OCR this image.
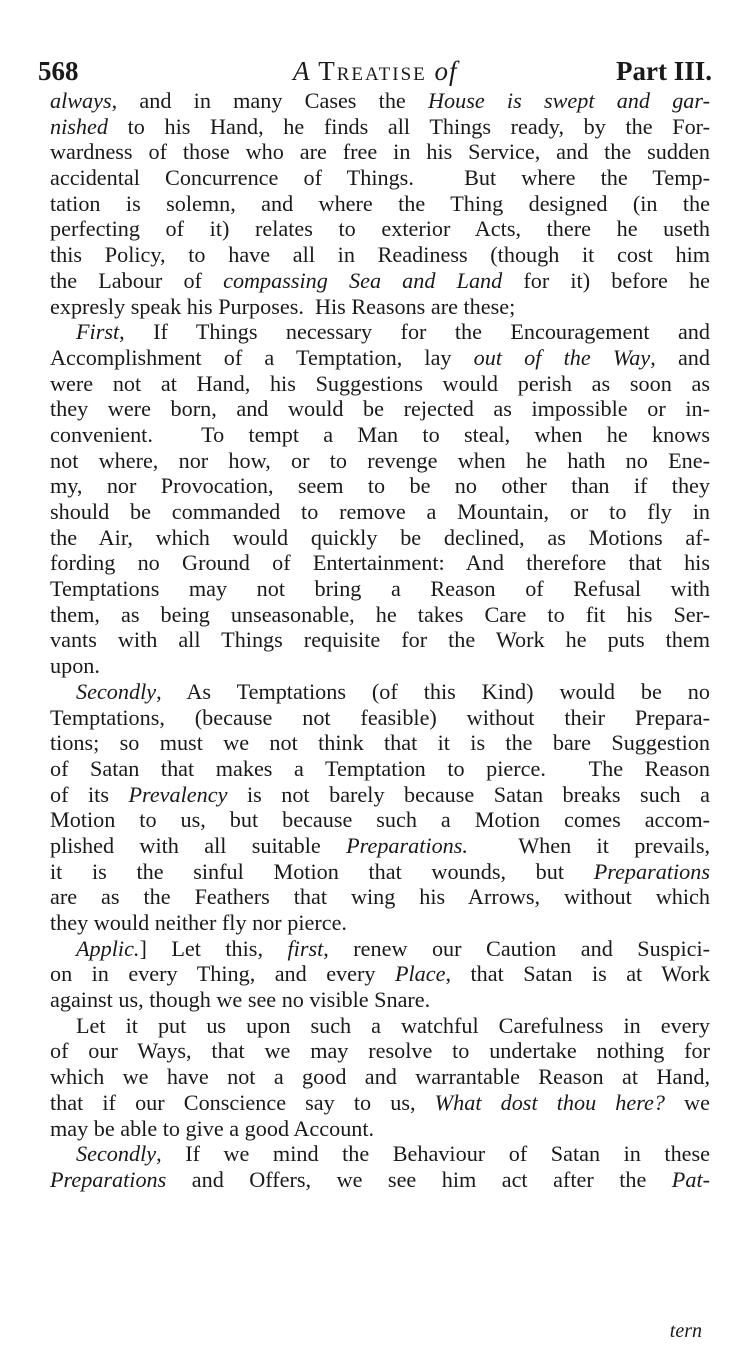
568	A Treatise of	Part III.
always, and in many Cases the House is swept and gar-
nished to his Hand, he finds all Things ready, by the For-
wardness of those who are free in his Service, and the sudden
accidental Concurrence of Things.  But where the Temp-
tation is solemn, and where the Thing designed (in the
perfecting of it) relates to exterior Acts, there he useth
this Policy, to have all in Readiness (though it cost him
the Labour of compassing Sea and Land for it) before he
expresly speak his Purposes.  His Reasons are these;
First, If Things necessary for the Encouragement and
Accomplishment of a Temptation, lay out of the Way, and
were not at Hand, his Suggestions would perish as soon as
they were born, and would be rejected as impossible or in-
convenient.  To tempt a Man to steal, when he knows
not where, nor how, or to revenge when he hath no Ene-
my, nor Provocation, seem to be no other than if they
should be commanded to remove a Mountain, or to fly in
the Air, which would quickly be declined, as Motions af-
fording no Ground of Entertainment: And therefore that his
Temptations may not bring a Reason of Refusal with
them, as being unseasonable, he takes Care to fit his Ser-
vants with all Things requisite for the Work he puts them
upon.
Secondly, As Temptations (of this Kind) would be no
Temptations, (because not feasible) without their Prepara-
tions; so must we not think that it is the bare Suggestion
of Satan that makes a Temptation to pierce.  The Reason
of its Prevalency is not barely because Satan breaks such a
Motion to us, but because such a Motion comes accom-
plished with all suitable Preparations.  When it prevails,
it is the sinful Motion that wounds, but Preparations
are as the Feathers that wing his Arrows, without which
they would neither fly nor pierce.
Applic.] Let this, first, renew our Caution and Suspici-
on in every Thing, and every Place, that Satan is at Work
against us, though we see no visible Snare.
Let it put us upon such a watchful Carefulness in every
of our Ways, that we may resolve to undertake nothing for
which we have not a good and warrantable Reason at Hand,
that if our Conscience say to us, What dost thou here? we
may be able to give a good Account.
Secondly, If we mind the Behaviour of Satan in these
Preparations and Offers, we see him act after the Pat-
tern
